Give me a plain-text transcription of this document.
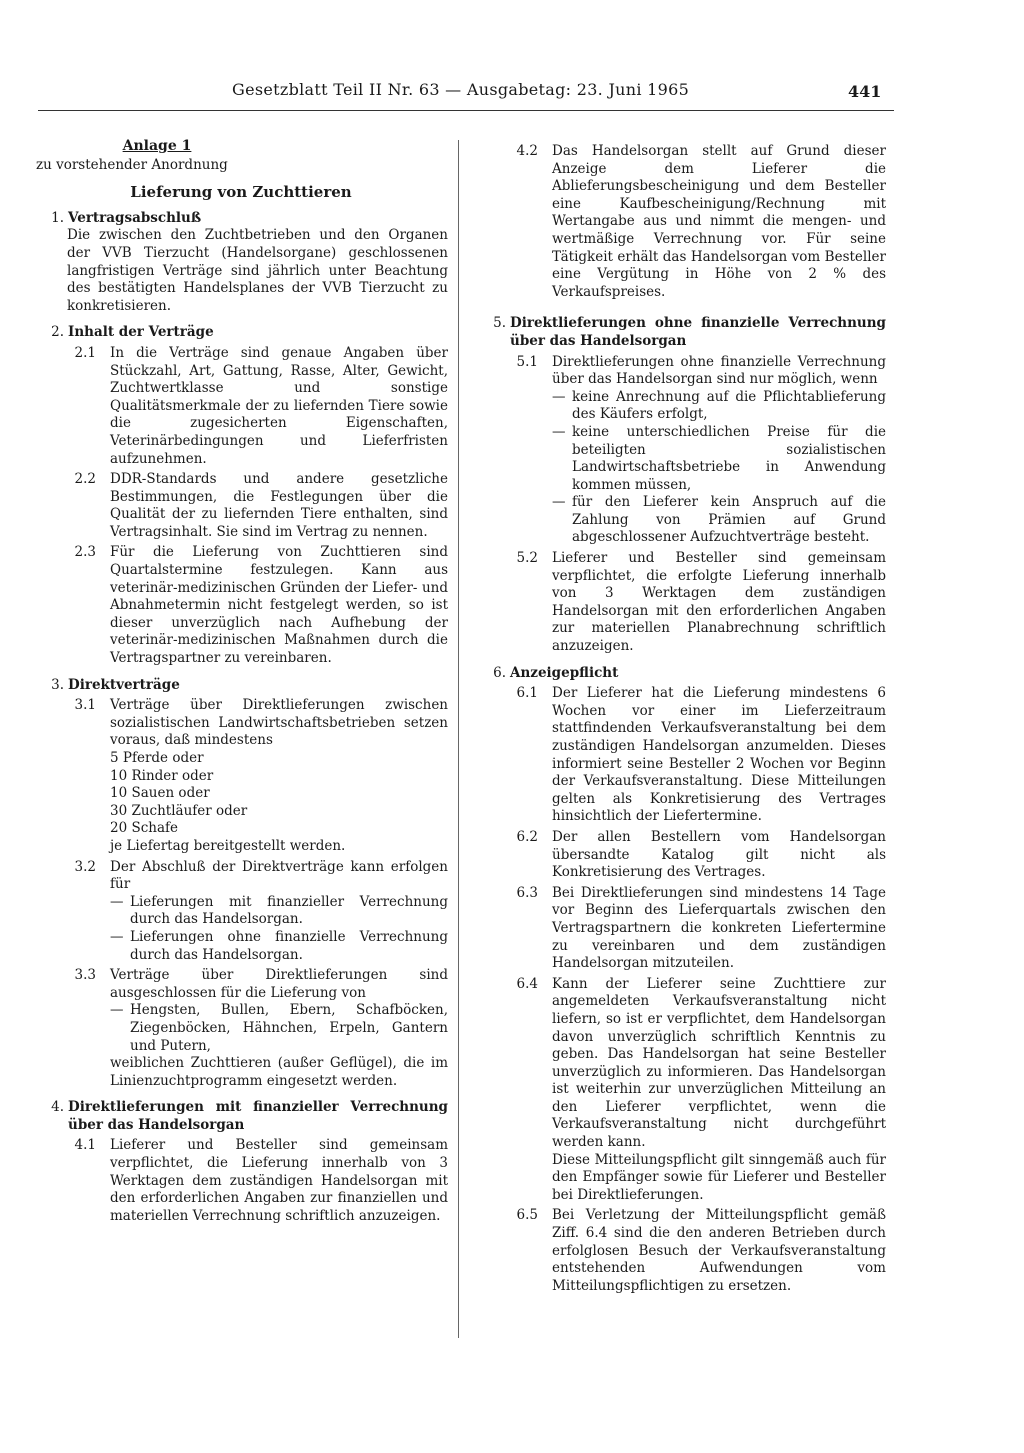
Gesetzblatt Teil II Nr. 63 — Ausgabetag: 23. Juni 1965	441
Anlage 1
zu vorstehender Anordnung
Lieferung von Zuchttieren
1. Vertragsabschluß
Die zwischen den Zuchtbetrieben und den Organen der VVB Tierzucht (Handelsorgane) geschlossenen langfristigen Verträge sind jährlich unter Beachtung des bestätigten Handelsplanes der VVB Tierzucht zu konkretisieren.
2. Inhalt der Verträge
2.1	In die Verträge sind genaue Angaben über Stückzahl, Art, Gattung, Rasse, Alter, Gewicht, Zuchtwertklasse und sonstige Qualitätsmerkmale der zu liefernden Tiere sowie die zugesicherten Eigenschaften, Veterinärbedingungen und Lieferfristen aufzunehmen.
2.2	DDR-Standards und andere gesetzliche Bestimmungen, die Festlegungen über die Qualität der zu liefernden Tiere enthalten, sind Vertragsinhalt. Sie sind im Vertrag zu nennen.
2.3	Für die Lieferung von Zuchttieren sind Quartalstermine festzulegen. Kann aus veterinär-medizinischen Gründen der Liefer- und Abnahmetermin nicht festgelegt werden, so ist dieser unverzüglich nach Aufhebung der veterinär-medizinischen Maßnahmen durch die Vertragspartner zu vereinbaren.
3. Direktverträge
3.1	Verträge über Direktlieferungen zwischen sozialistischen Landwirtschaftsbetrieben setzen voraus, daß mindestens
5 Pferde oder
10 Rinder oder
10 Sauen oder
30 Zuchtläufer oder
20 Schafe
je Liefertag bereitgestellt werden.
3.2	Der Abschluß der Direktverträge kann erfolgen für
— Lieferungen mit finanzieller Verrechnung durch das Handelsorgan.
— Lieferungen ohne finanzielle Verrechnung durch das Handelsorgan.
3.3	Verträge über Direktlieferungen sind ausgeschlossen für die Lieferung von
— Hengsten, Bullen, Ebern, Schafböcken, Ziegenböcken, Hähnchen, Erpeln, Gantern und Putern,
weiblichen Zuchttieren (außer Geflügel), die im Linienzuchtprogramm eingesetzt werden.
4. Direktlieferungen mit finanzieller Verrechnung über das Handelsorgan
4.1	Lieferer und Besteller sind gemeinsam verpflichtet, die Lieferung innerhalb von 3 Werktagen dem zuständigen Handelsorgan mit den erforderlichen Angaben zur finanziellen und materiellen Verrechnung schriftlich anzuzeigen.
4.2	Das Handelsorgan stellt auf Grund dieser Anzeige dem Lieferer die Ablieferungsbescheinigung und dem Besteller eine Kaufbescheinigung/Rechnung mit Wertangabe aus und nimmt die mengen- und wertmäßige Verrechnung vor. Für seine Tätigkeit erhält das Handelsorgan vom Besteller eine Vergütung in Höhe von 2 % des Verkaufspreises.
5. Direktlieferungen ohne finanzielle Verrechnung über das Handelsorgan
5.1	Direktlieferungen ohne finanzielle Verrechnung über das Handelsorgan sind nur möglich, wenn
— keine Anrechnung auf die Pflichtablieferung des Käufers erfolgt,
— keine unterschiedlichen Preise für die beteiligten sozialistischen Landwirtschaftsbetriebe in Anwendung kommen müssen,
— für den Lieferer kein Anspruch auf die Zahlung von Prämien auf Grund abgeschlossener Aufzuchtverträge besteht.
5.2	Lieferer und Besteller sind gemeinsam verpflichtet, die erfolgte Lieferung innerhalb von 3 Werktagen dem zuständigen Handelsorgan mit den erforderlichen Angaben zur materiellen Planabrechnung schriftlich anzuzeigen.
6. Anzeigepflicht
6.1	Der Lieferer hat die Lieferung mindestens 6 Wochen vor einer im Lieferzeitraum stattfindenden Verkaufsveranstaltung bei dem zuständigen Handelsorgan anzumelden. Dieses informiert seine Besteller 2 Wochen vor Beginn der Verkaufsveranstaltung. Diese Mitteilungen gelten als Konkretisierung des Vertrages hinsichtlich der Liefertermine.
6.2	Der allen Bestellern vom Handelsorgan übersandte Katalog gilt nicht als Konkretisierung des Vertrages.
6.3	Bei Direktlieferungen sind mindestens 14 Tage vor Beginn des Lieferquartals zwischen den Vertragspartnern die konkreten Liefertermine zu vereinbaren und dem zuständigen Handelsorgan mitzuteilen.
6.4	Kann der Lieferer seine Zuchttiere zur angemeldeten Verkaufsveranstaltung nicht liefern, so ist er verpflichtet, dem Handelsorgan davon unverzüglich schriftlich Kenntnis zu geben. Das Handelsorgan hat seine Besteller unverzüglich zu informieren. Das Handelsorgan ist weiterhin zur unverzüglichen Mitteilung an den Lieferer verpflichtet, wenn die Verkaufsveranstaltung nicht durchgeführt werden kann.
Diese Mitteilungspflicht gilt sinngemäß auch für den Empfänger sowie für Lieferer und Besteller bei Direktlieferungen.
6.5	Bei Verletzung der Mitteilungspflicht gemäß Ziff. 6.4 sind die den anderen Betrieben durch erfolglosen Besuch der Verkaufsveranstaltung entstehenden Aufwendungen vom Mitteilungspflichtigen zu ersetzen.
